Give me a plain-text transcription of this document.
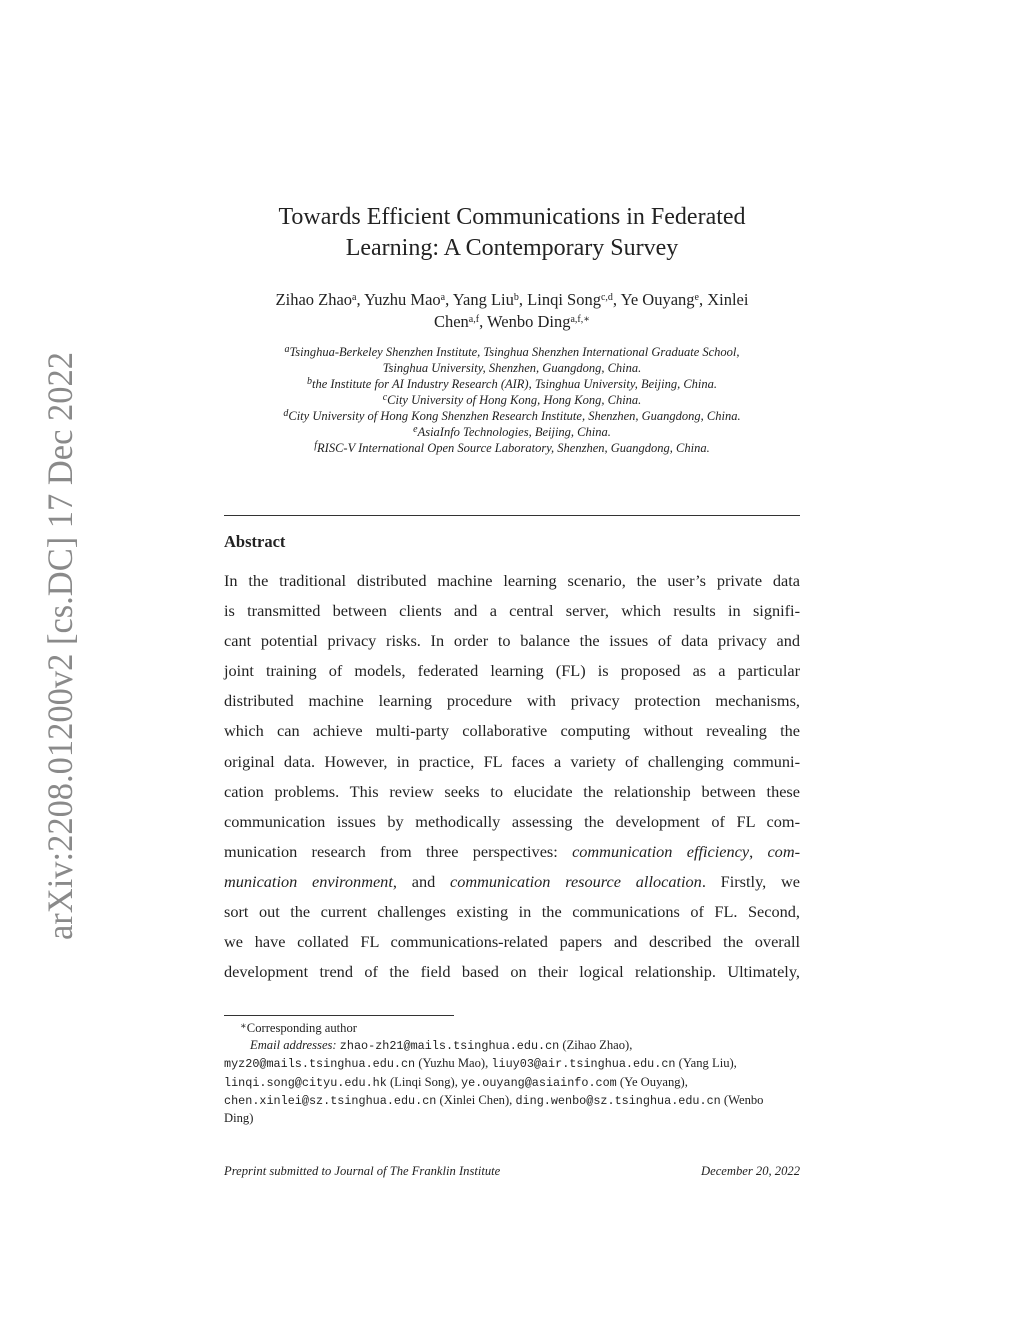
arXiv:2208.01200v2 [cs.DC] 17 Dec 2022
Towards Efficient Communications in Federated
Learning: A Contemporary Survey
Zihao Zhao$^a$, Yuzhu Mao$^a$, Yang Liu$^b$, Linqi Song$^{c,d}$, Ye Ouyang$^e$, Xinlei
Chen$^{a,f}$, Wenbo Ding$^{a,f,∗}$
$^a$Tsinghua-Berkeley Shenzhen Institute, Tsinghua Shenzhen International Graduate School,
Tsinghua University, Shenzhen, Guangdong, China.
$^b$the Institute for AI Industry Research (AIR), Tsinghua University, Beijing, China.
$^c$City University of Hong Kong, Hong Kong, China.
$^d$City University of Hong Kong Shenzhen Research Institute, Shenzhen, Guangdong, China.
$^e$AsiaInfo Technologies, Beijing, China.
$^f$RISC-V International Open Source Laboratory, Shenzhen, Guangdong, China.
Abstract
In the traditional distributed machine learning scenario, the user’s private data
is transmitted between clients and a central server, which results in signifi-
cant potential privacy risks. In order to balance the issues of data privacy and
joint training of models, federated learning (FL) is proposed as a particular
distributed machine learning procedure with privacy protection mechanisms,
which can achieve multi-party collaborative computing without revealing the
original data. However, in practice, FL faces a variety of challenging communi-
cation problems. This review seeks to elucidate the relationship between these
communication issues by methodically assessing the development of FL com-
munication research from three perspectives: communication efficiency, com-
munication environment, and communication resource allocation. Firstly, we
sort out the current challenges existing in the communications of FL. Second,
we have collated FL communications-related papers and described the overall
development trend of the field based on their logical relationship. Ultimately,
∗Corresponding author
Email addresses: zhao-zh21@mails.tsinghua.edu.cn (Zihao Zhao),
myz20@mails.tsinghua.edu.cn (Yuzhu Mao), liuy03@air.tsinghua.edu.cn (Yang Liu),
linqi.song@cityu.edu.hk (Linqi Song), ye.ouyang@asiainfo.com (Ye Ouyang),
chen.xinlei@sz.tsinghua.edu.cn (Xinlei Chen), ding.wenbo@sz.tsinghua.edu.cn (Wenbo
Ding)
Preprint submitted to Journal of The Franklin Institute	December 20, 2022
